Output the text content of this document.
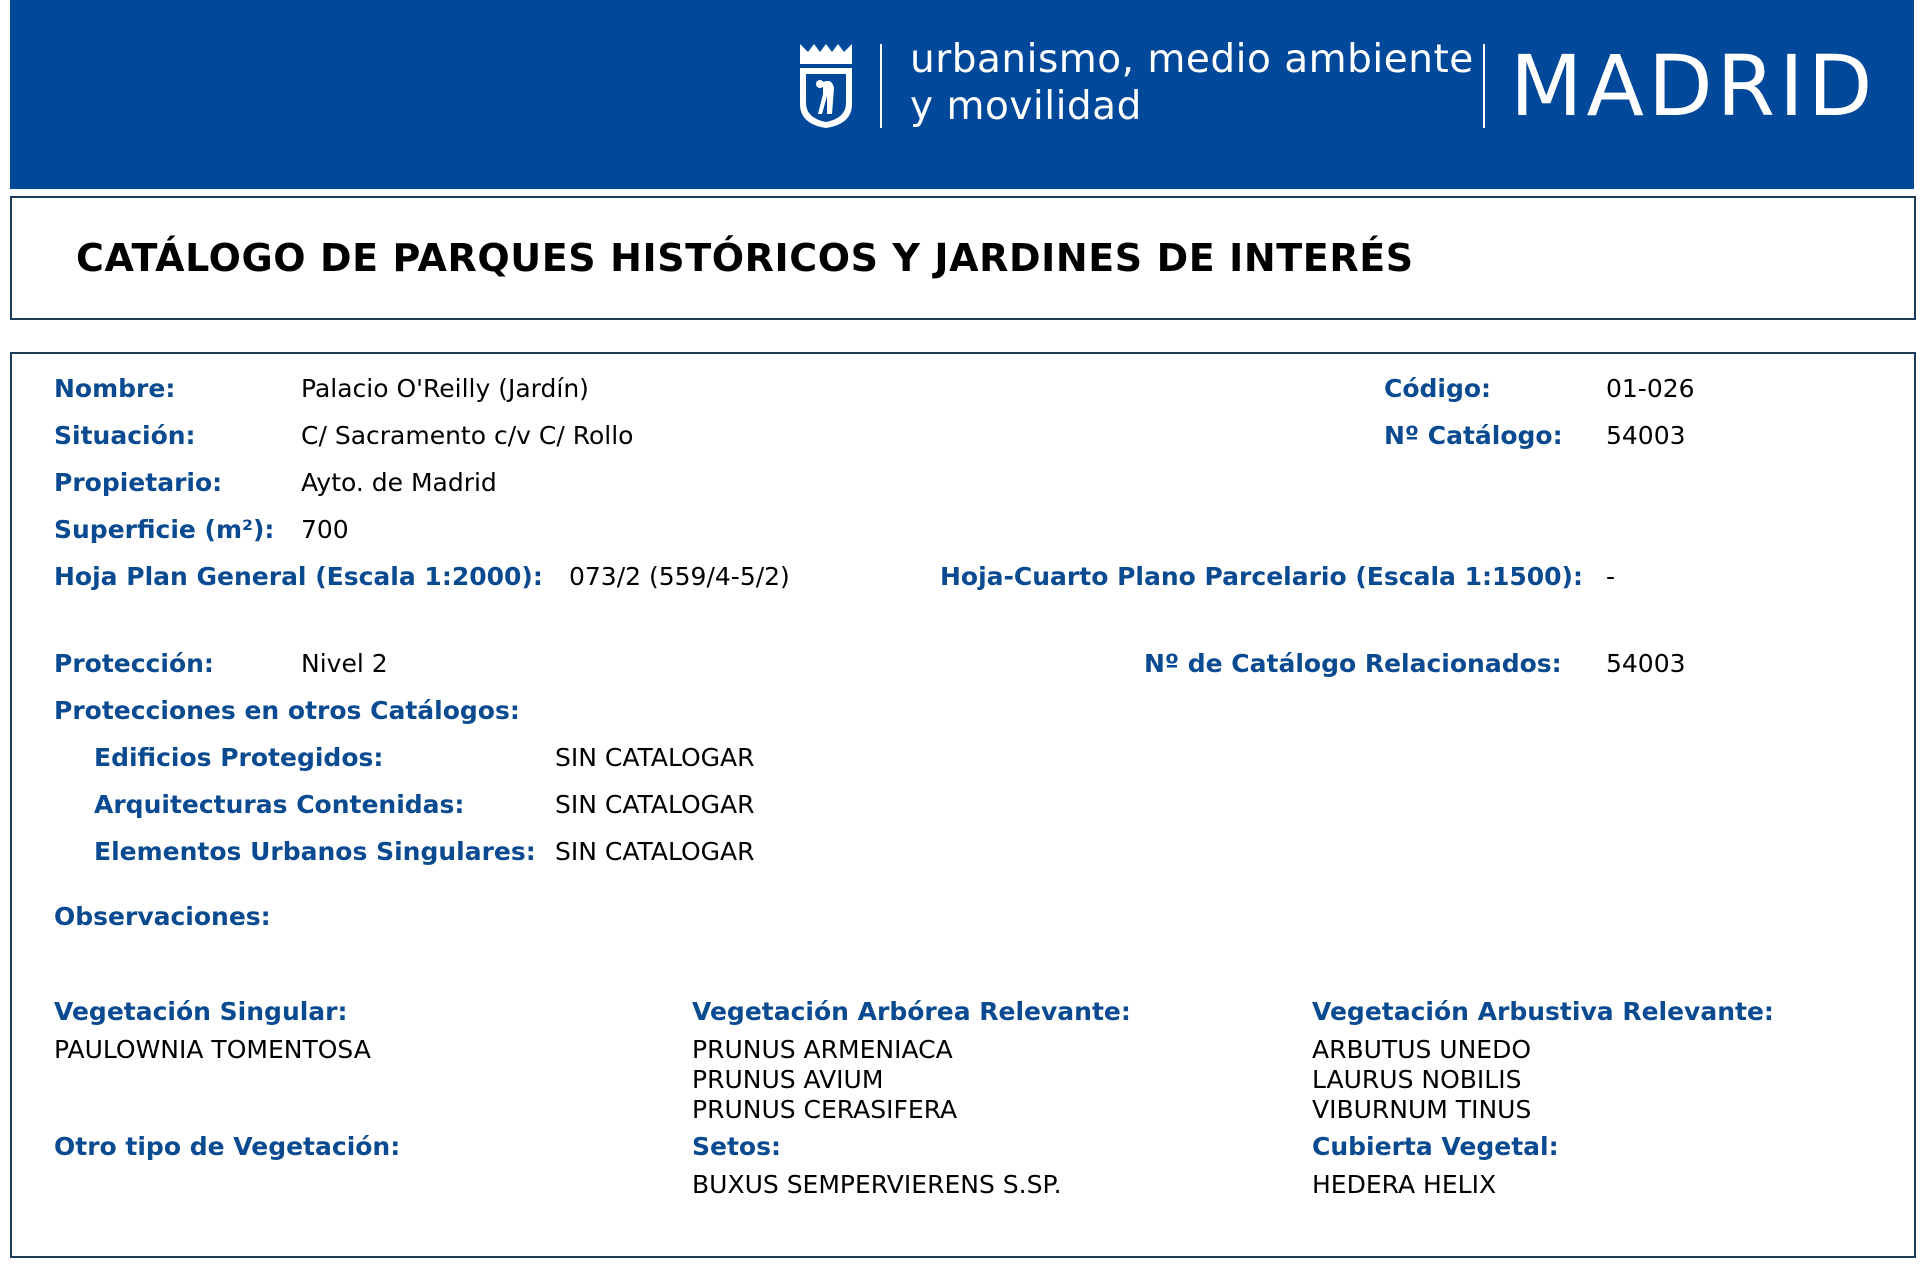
urbanismo, medio ambiente
y movilidad	MADRID
CATÁLOGO DE PARQUES HISTÓRICOS Y JARDINES DE INTERÉS
Nombre:	Palacio O'Reilly (Jardín)	Código:	01-026
Situación:	C/ Sacramento c/v C/ Rollo	Nº Catálogo: 54003
Propietario:	Ayto. de Madrid
Superficie (m²): 700
Hoja Plan General (Escala 1:2000): 073/2 (559/4-5/2)	Hoja-Cuarto Plano Parcelario (Escala 1:1500): -
Protección:	Nivel 2	Nº de Catálogo Relacionados: 54003
Protecciones en otros Catálogos:
Edificios Protegidos:	SIN CATALOGAR
Arquitecturas Contenidas:	SIN CATALOGAR
Elementos Urbanos Singulares: SIN CATALOGAR
Observaciones:
Vegetación Singular:
PAULOWNIA TOMENTOSA
Vegetación Arbórea Relevante:
PRUNUS ARMENIACA
PRUNUS AVIUM
PRUNUS CERASIFERA
Vegetación Arbustiva Relevante:
ARBUTUS UNEDO
LAURUS NOBILIS
VIBURNUM TINUS
Otro tipo de Vegetación:	Setos:
BUXUS SEMPERVIERENS S.SP.
Cubierta Vegetal:
HEDERA HELIX
